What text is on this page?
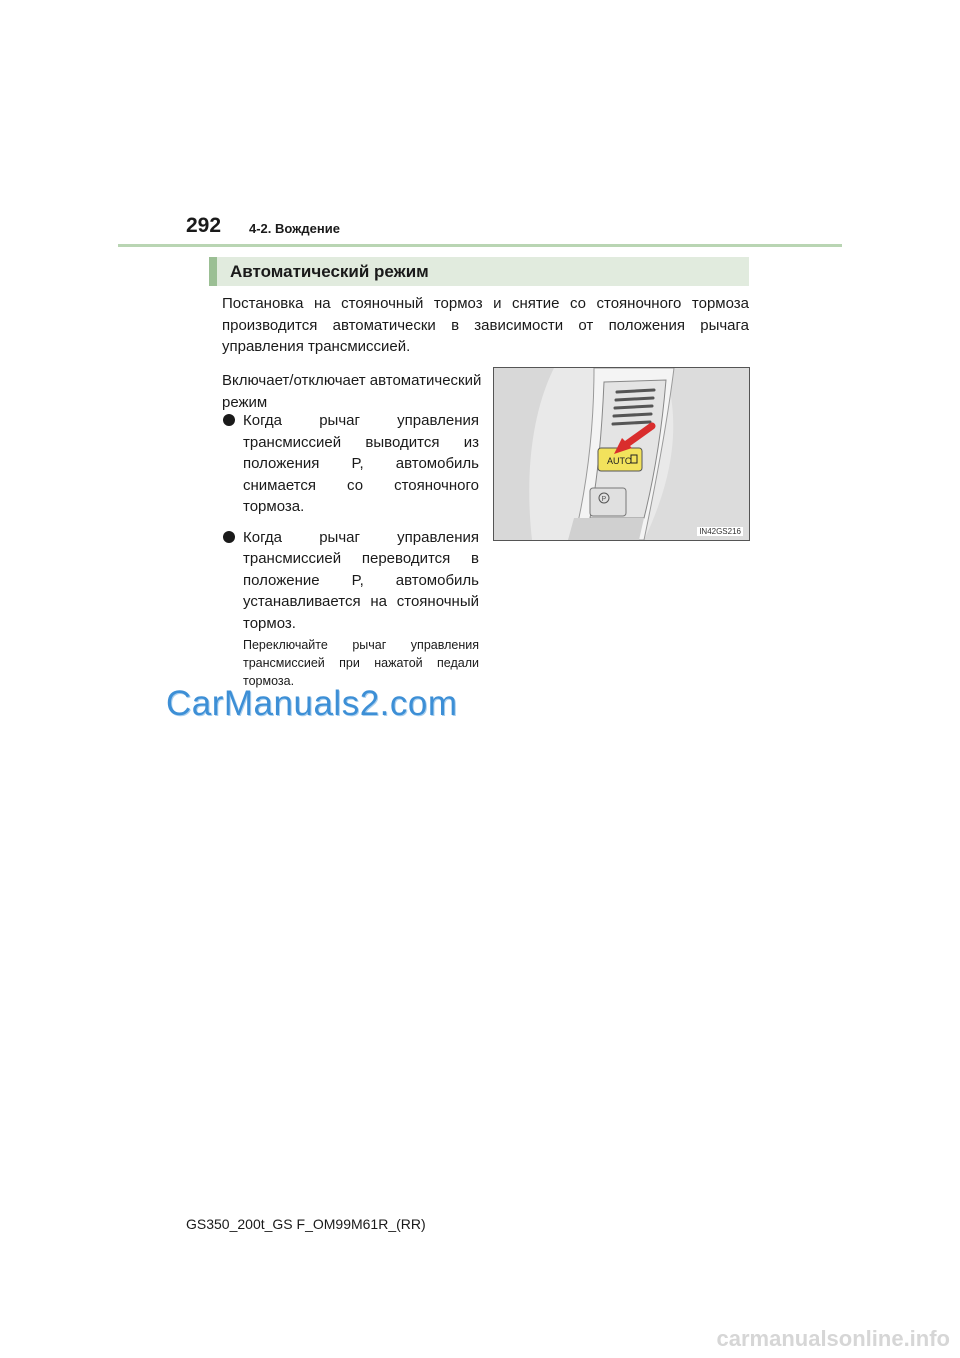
292 4-2. Вождение
Автоматический режим
Постановка на стояночный тормоз и снятие со стояночного тормоза производится автоматически в зависимости от положения рычага управления трансмиссией.
Включает/отключает автоматический режим
Когда рычаг управления трансмиссией выводится из положения P, автомобиль снимается со стояночного тормоза.
Когда рычаг управления трансмиссией переводится в положение P, автомобиль устанавливается на стояночный тормоз.
Переключайте рычаг управления трансмиссией при нажатой педали тормоза.
AUTO
P
IN42GS216
CarManuals2.com
GS350_200t_GS F_OM99M61R_(RR)
carmanualsonline.info
